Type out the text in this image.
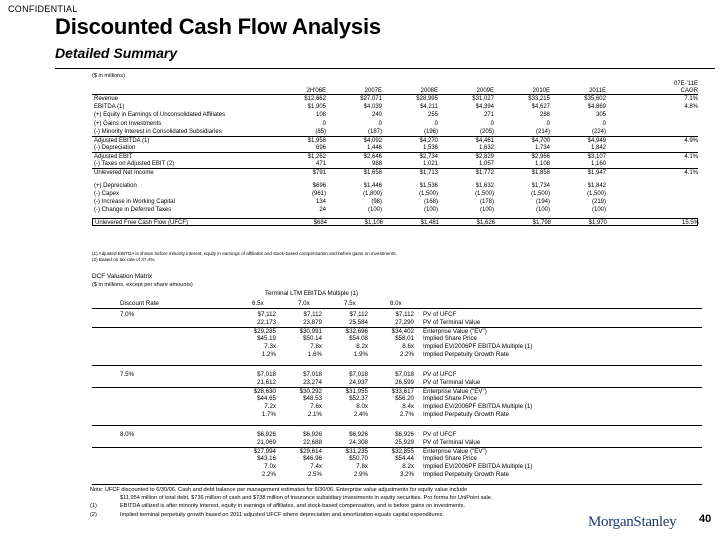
CONFIDENTIAL
Discounted Cash Flow Analysis
Detailed Summary
($ in millions)
07E-'11E
CAGR
2H'06E	2007E	2008E	2009E	2010E	2011E
Revenue	$12,662	$27,071	$28,995	$31,027	$33,215	$35,602	7.1%
EBITDA (1)	$1,905	$4,039	$4,211	$4,394	$4,627	$4,869	4.8%
(+) Equity in Earnings of Unconsolidated Affiliates	108	240	255	271	288	305
(+) Gains on Investments	0	0	0	0	0	0
(-) Minority Interest in Consolidated Subsidiaries	(85)	(187)	(196)	(205)	(214)	(224)
Adjusted EBITDA (1)	$1,958	$4,092	$4,270	$4,461	$4,700	$4,949	4.9%
(-) Depreciation	696	1,446	1,536	1,632	1,734	1,842
Adjusted EBIT	$1,262	$2,646	$2,734	$2,829	$2,966	$3,107	4.1%
(-) Taxes on Adjusted EBIT (2)	471	988	1,021	1,057	1,108	1,160
Unlevered Net Income	$791	$1,658	$1,713	$1,772	$1,858	$1,947	4.1%
(+) Depreciation	$696	$1,446	$1,536	$1,632	$1,734	$1,842
(-) Capex	(961)	(1,800)	(1,500)	(1,500)	(1,500)	(1,500)
(-) Increase in Working Capital	134	(98)	(168)	(178)	(194)	(219)
(-) Change in Deferred Taxes	24	(100)	(100)	(100)	(100)	(100)
Unlevered Free Cash Flow (UFCF)	$684	$1,106	$1,481	$1,626	$1,798	$1,970	15.5%
(1) Adjusted EBITDA is shown before minority interest, equity in earnings of affiliates and stock-based compensation and before gains on investments.
(2) Based on tax rate of 37.4%.
DCF Valuation Matrix
($ in millions, except per share amounts)
Terminal LTM EBITDA Multiple (1)
Discount Rate	6.5x	7.0x	7.5x	8.0x
7.0%	$7,112	$7,112	$7,112	$7,112 PV of UFCF
22,173	23,879	25,584	27,290 PV of Terminal Value
$29,285	$30,991	$32,696	$34,402 Enterprise Value ("EV")
$45.19	$50.14	$54.08	$58.01 Implied Share Price
7.3x	7.8x	8.2x	8.6x Implied EV/2006PF EBITDA Multiple (1)
1.2%	1.6%	1.9%	2.2% Implied Perpetuity Growth Rate
7.5%	$7,018	$7,018	$7,018	$7,018 PV of UFCF
21,612	23,274	24,937	26,599 PV of Terminal Value
$28,630	$30,292	$31,955	$33,617 Enterprise Value ("EV")
$44.65	$48.53	$52.37	$56.20 Implied Share Price
7.2x	7.6x	8.0x	8.4x Implied EV/2006PF EBITDA Multiple (1)
1.7%	2.1%	2.4%	2.7% Implied Perpetuity Growth Rate
8.0%	$6,926	$6,926	$6,926	$6,926 PV of UFCF
21,069	22,688	24,308	25,929 PV of Terminal Value
$27,994	$29,614	$31,235	$32,855 Enterprise Value ("EV")
$43.16	$46.96	$50.70	$54.44 Implied Share Price
7.0x	7.4x	7.8x	8.2x Implied EV/2006PF EBITDA Multiple (1)
2.2%	2.5%	2.9%	3.2% Implied Perpetuity Growth Rate
Note: UFCF discounted to 6/30/06. Cash and debt balance per management estimates for 6/30/06. Enterprise value adjustments for equity value include
$11,954 million of total debt, $736 million of cash and $738 million of insurance subsidiary investments in equity securities. Pro forma for UniPoint sale.
(1)	EBITDA utilized is after minority interest, equity in earnings of affiliates, and stock-based compensation, and is before gains on investments.
(2)	Implied terminal perpetuity growth based on 2011 adjusted UFCF where depreciation and amortization equals capital expenditures.	MorganStanley 40
